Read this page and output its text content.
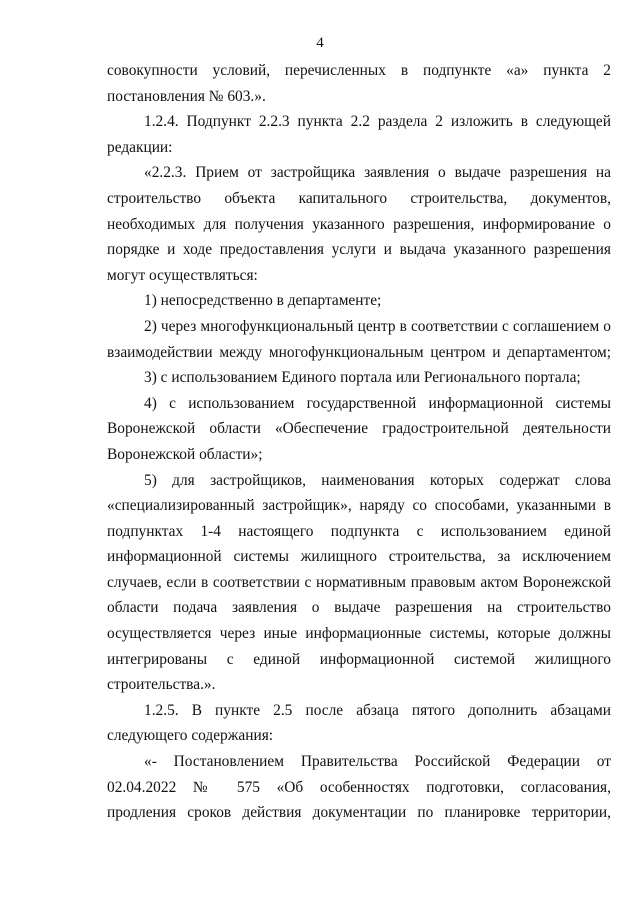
4
совокупности условий, перечисленных в подпункте «а» пункта 2
постановления № 603.».
1.2.4. Подпункт 2.2.3 пункта 2.2 раздела 2 изложить в следующей
редакции:
«2.2.3. Прием от застройщика заявления о выдаче разрешения на
строительство объекта капитального строительства, документов,
необходимых для получения указанного разрешения, информирование о
порядке и ходе предоставления услуги и выдача указанного разрешения
могут осуществляться:
1) непосредственно в департаменте;
2) через многофункциональный центр в соответствии с соглашением о
взаимодействии между многофункциональным центром и департаментом;
3) с использованием Единого портала или Регионального портала;
4) с использованием государственной информационной системы
Воронежской области «Обеспечение градостроительной деятельности
Воронежской области»;
5) для застройщиков, наименования которых содержат слова
«специализированный застройщик», наряду со способами, указанными в
подпунктах 1-4 настоящего подпункта с использованием единой
информационной системы жилищного строительства, за исключением
случаев, если в соответствии с нормативным правовым актом Воронежской
области подача заявления о выдаче разрешения на строительство
осуществляется через иные информационные системы, которые должны
интегрированы с единой информационной системой жилищного
строительства.».
1.2.5. В пункте 2.5 после абзаца пятого дополнить абзацами
следующего содержания:
«- Постановлением Правительства Российской Федерации от
02.04.2022 № 575 «Об особенностях подготовки, согласования,
продления сроков действия документации по планировке территории,
